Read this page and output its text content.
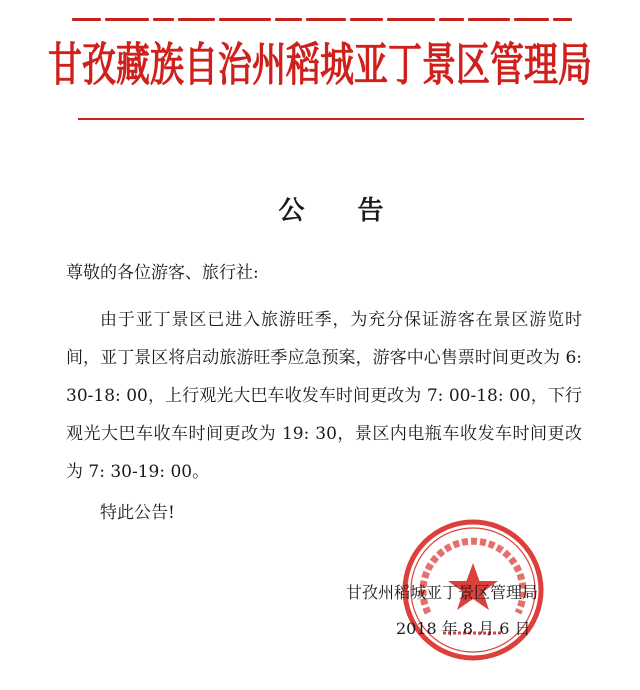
甘孜藏族自治州稻城亚丁景区管理局
公 告
尊敬的各位游客、旅行社:
由于亚丁景区已进入旅游旺季，为充分保证游客在景区游览时间，亚丁景区将启动旅游旺季应急预案，游客中心售票时间更改为 6: 30-18: 00，上行观光大巴车收发车时间更改为 7: 00-18: 00，下行观光大巴车收车时间更改为 19: 30，景区内电瓶车收发车时间更改为 7: 30-19: 00。
特此公告!
甘孜州稻城亚丁景区管理局
2018 年 8 月 6 日
